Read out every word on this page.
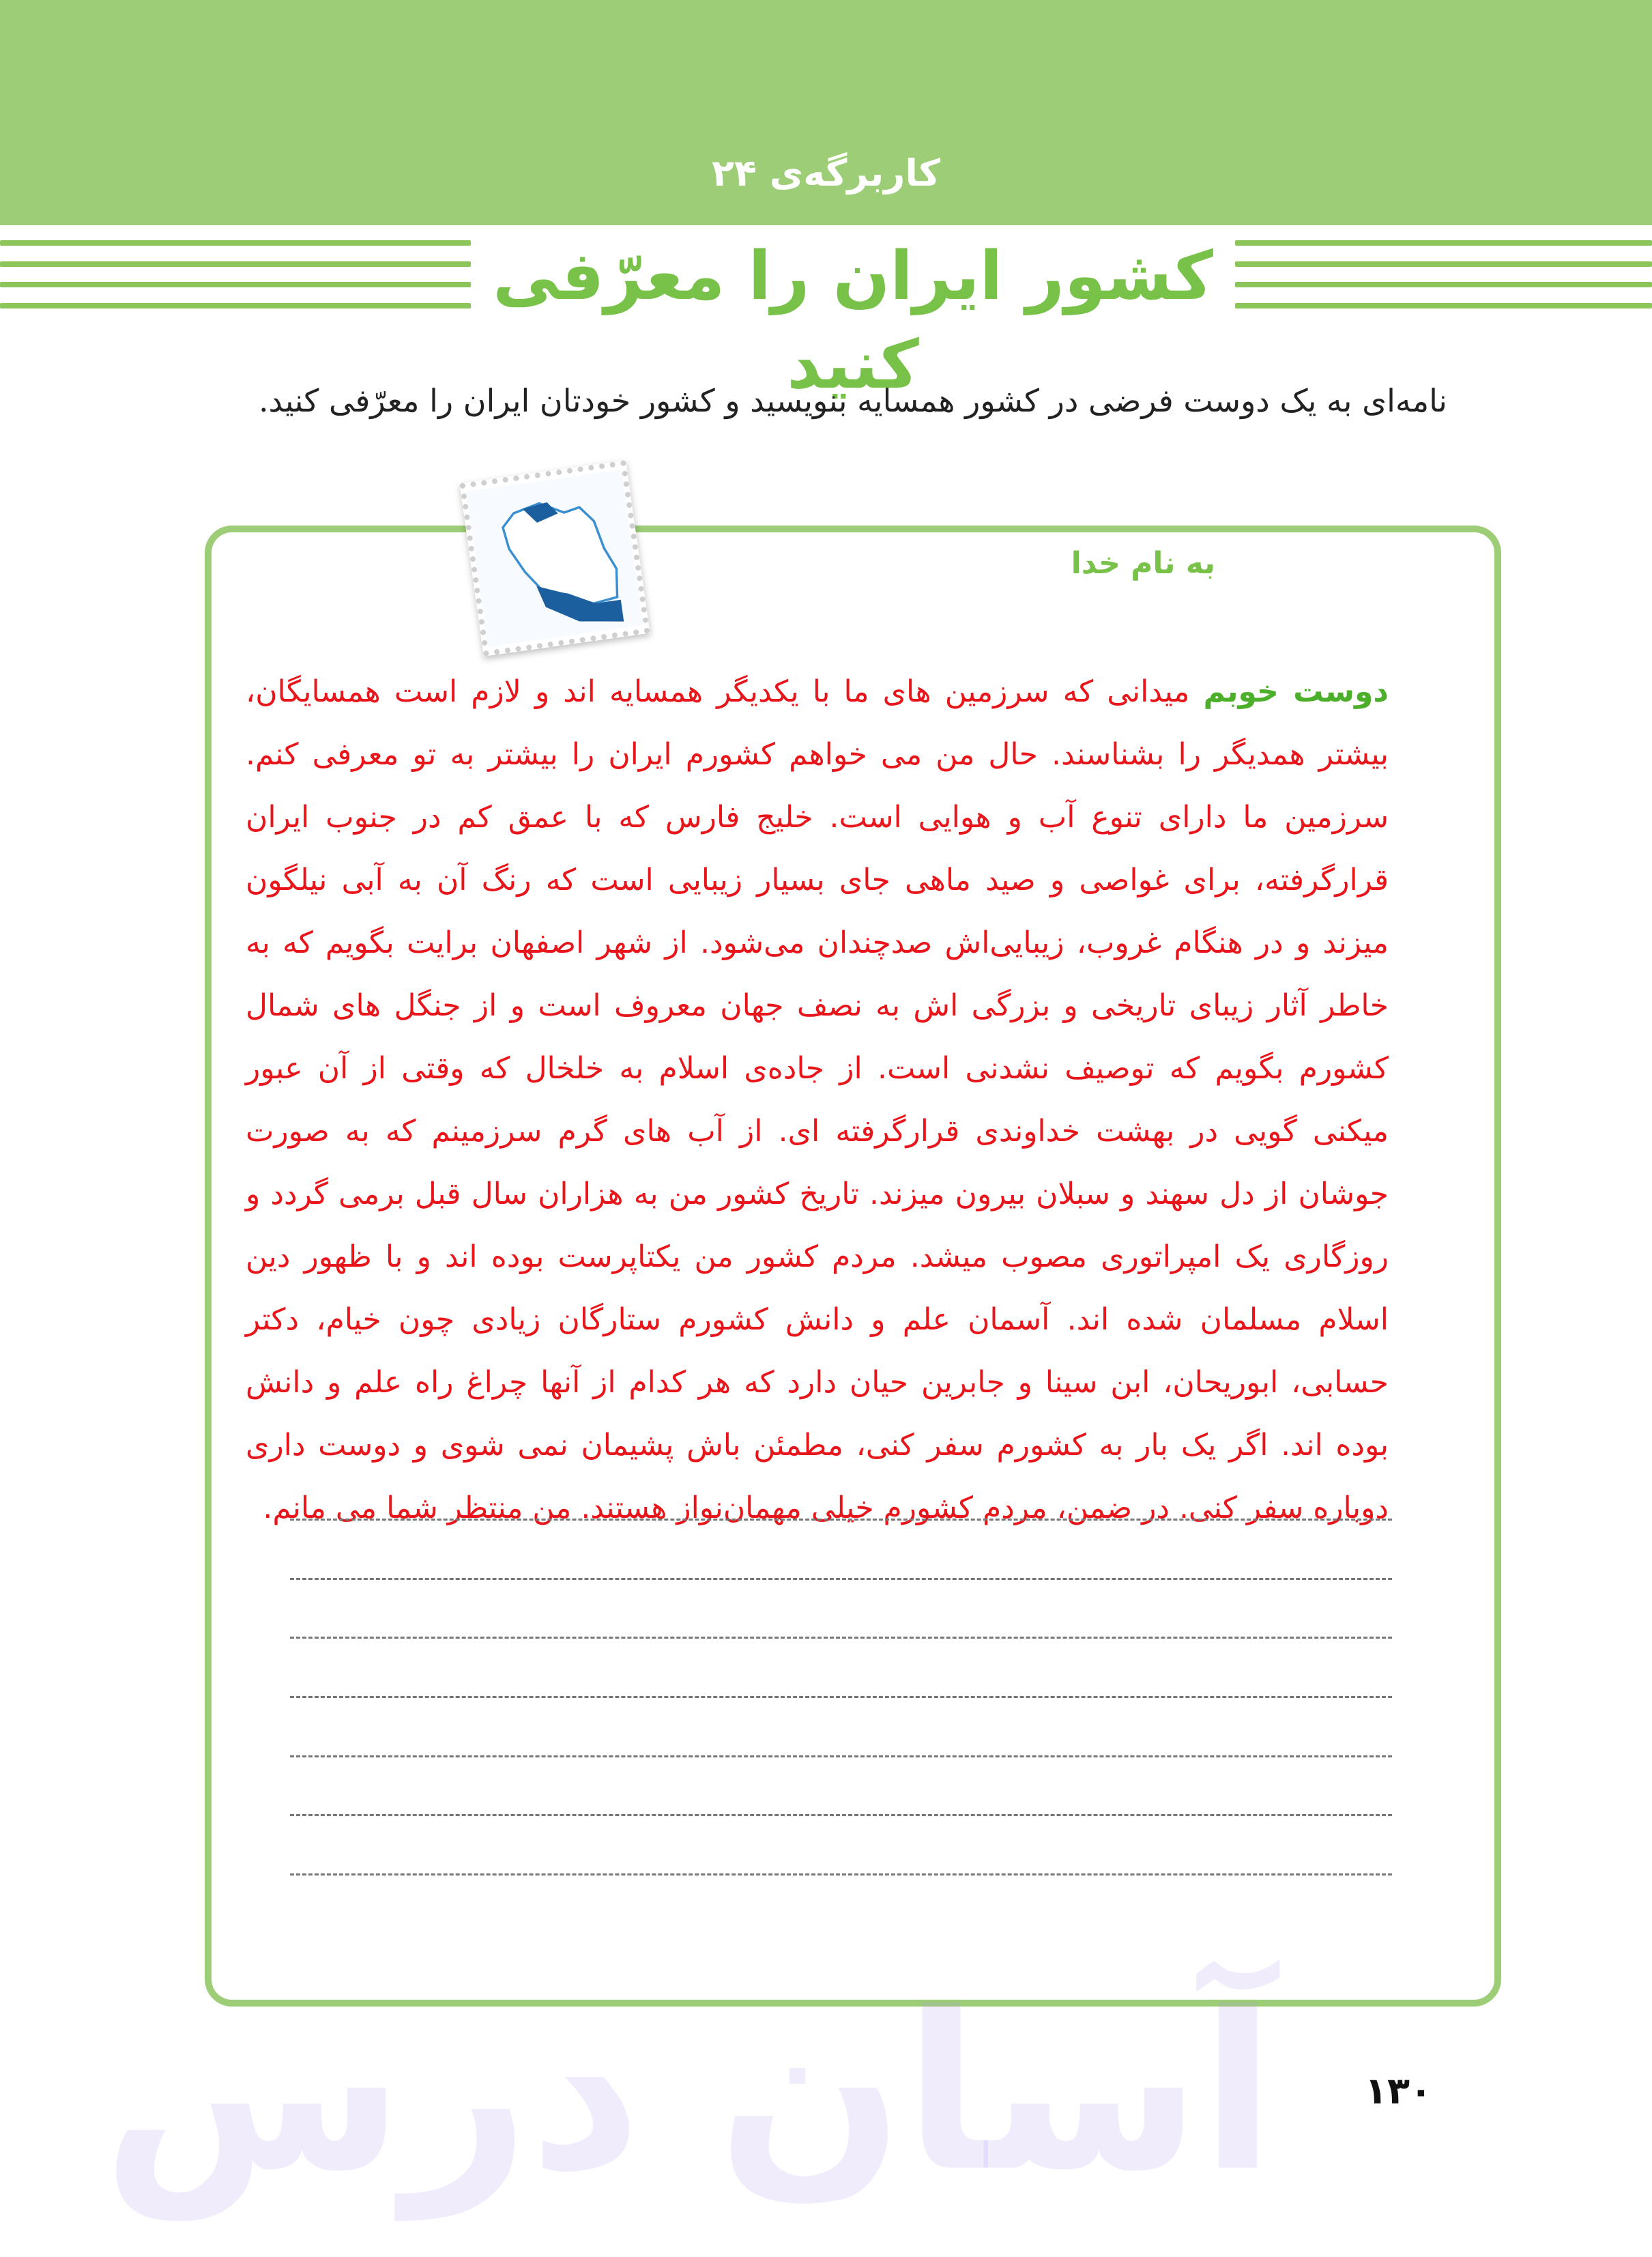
کاربرگه‌ی ۲۴
کشور ایران را معرّفی کنید
نامه‌ای به یک دوست فرضی در کشور همسایه بنویسید و کشور خودتان ایران را معرّفی کنید.
به نام خدا
دوست خوبم میدانی که سرزمین های ما با یکدیگر همسایه اند و لازم است همسایگان، بیشتر همدیگر را بشناسند. حال من می خواهم کشورم ایران را بیشتر به تو معرفی کنم. سرزمین ما دارای تنوع آب و هوایی است. خلیج فارس که با عمق کم در جنوب ایران قرارگرفته، برای غواصی و صید ماهی جای بسیار زیبایی است که رنگ آن به آبی نیلگون میزند و در هنگام غروب، زیبایی‌اش صدچندان می‌شود. از شهر اصفهان برایت بگویم که به خاطر آثار زیبای تاریخی و بزرگی اش به نصف جهان معروف است و از جنگل های شمال کشورم بگویم که توصیف نشدنی است. از جاده‌ی اسلام به خلخال که وقتی از آن عبور میکنی گویی در بهشت خداوندی قرارگرفته ای. از آب های گرم سرزمینم که به صورت جوشان از دل سهند و سبلان بیرون میزند. تاریخ کشور من به هزاران سال قبل برمی گردد و روزگاری یک امپراتوری مصوب میشد. مردم کشور من یکتاپرست بوده اند و با ظهور دین اسلام مسلمان شده اند. آسمان علم و دانش کشورم ستارگان زیادی چون خیام، دکتر حسابی، ابوریحان، ابن سینا و جابرین حیان دارد که هر کدام از آنها چراغ راه علم و دانش بوده اند. اگر یک بار به کشورم سفر کنی، مطمئن باش پشیمان نمی شوی و دوست داری دوباره سفر کنی. در ضمن، مردم کشورم خیلی مهمان‌نواز هستند. من منتظر شما می مانم.
آسان درس ۱۳۰
